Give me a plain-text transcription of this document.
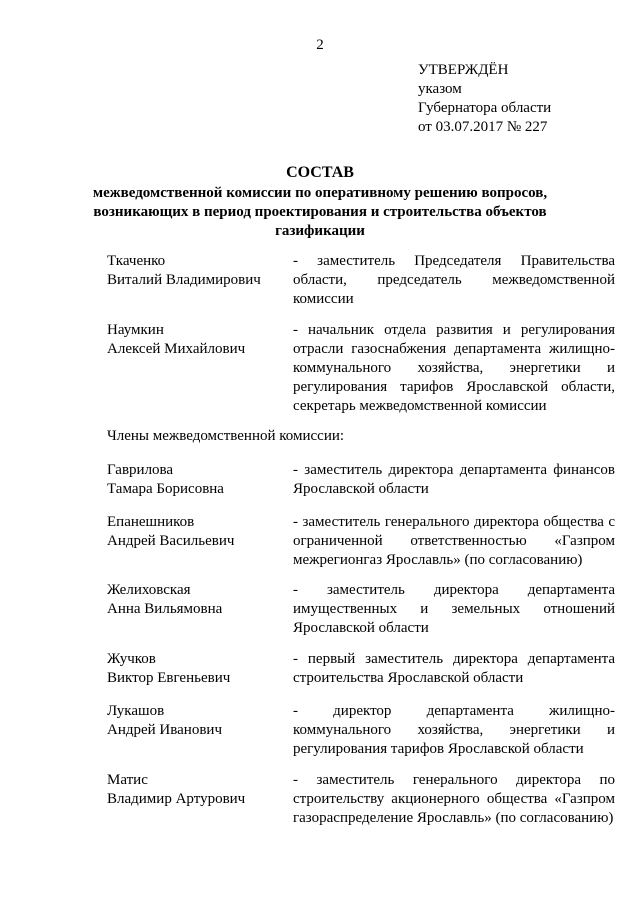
2
УТВЕРЖДЁН
указом
Губернатора области
от 03.07.2017 № 227
СОСТАВ
межведомственной комиссии по оперативному решению вопросов, возникающих в период проектирования и строительства объектов газификации
Ткаченко
Виталий Владимирович
- заместитель Председателя Правительства области, председатель межведомственной комиссии
Наумкин
Алексей Михайлович
- начальник отдела развития и регулирования отрасли газоснабжения департамента жилищно-коммунального хозяйства, энергетики и регулирования тарифов Ярославской области, секретарь межведомственной комиссии
Члены межведомственной комиссии:
Гаврилова
Тамара Борисовна
- заместитель директора департамента финансов Ярославской области
Епанешников
Андрей Васильевич
- заместитель генерального директора общества с ограниченной ответственностью «Газпром межрегионгаз Ярославль» (по согласованию)
Желиховская
Анна Вильямовна
- заместитель директора департамента имущественных и земельных отношений Ярославской области
Жучков
Виктор Евгеньевич
- первый заместитель директора департамента строительства Ярославской области
Лукашов
Андрей Иванович
- директор департамента жилищно-коммунального хозяйства, энергетики и регулирования тарифов Ярославской области
Матис
Владимир Артурович
- заместитель генерального директора по строительству акционерного общества «Газпром газораспределение Ярославль» (по согласованию)
